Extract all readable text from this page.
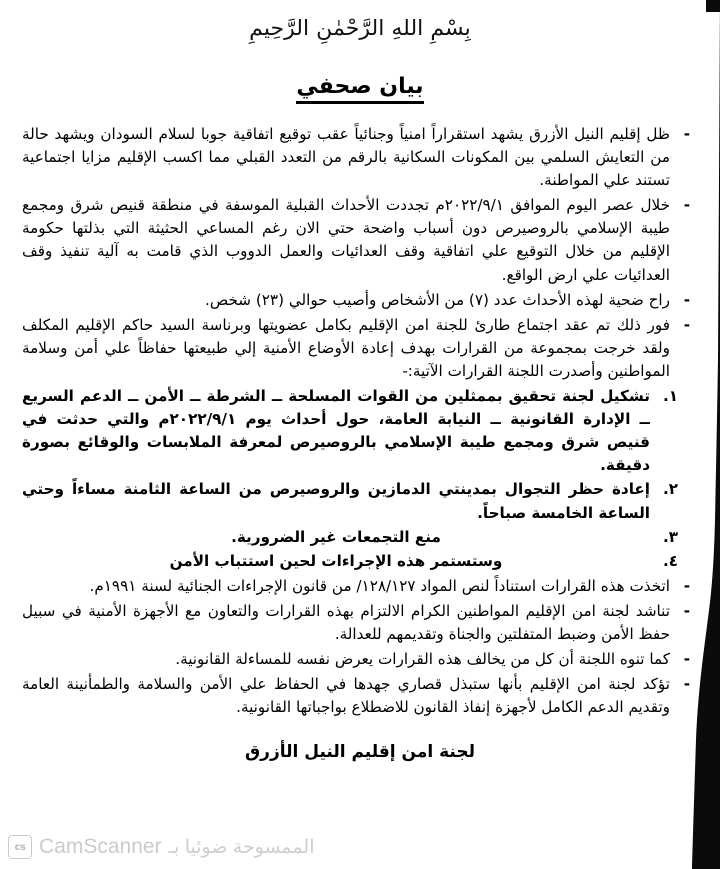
بِسْمِ اللهِ الرَّحْمٰنِ الرَّحِيمِ
بيان صحفي
- ظل إقليم النيل الأزرق يشهد استقراراً امنياً وجنائياً عقب توقيع اتفاقية جوبا لسلام السودان ويشهد حالة من التعايش السلمي بين المكونات السكانية بالرقم من التعدد القبلي مما اكسب الإقليم مزايا اجتماعية تستند علي المواطنة.
- خلال عصر اليوم الموافق ٢٠٢٢/٩/١م تجددت الأحداث القبلية الموسفة في منطقة قنيص شرق ومجمع طيبة الإسلامي بالروصيرص دون أسباب واضحة حتي الان رغم المساعي الحثيثة التي بذلتها حكومة الإقليم من خلال التوقيع علي اتفاقية وقف العدائيات والعمل الدووب الذي قامت به آلية تنفيذ وقف العدائيات علي ارض الواقع.
- راح ضحية لهذه الأحداث عدد (٧) من الأشخاص وأصيب حوالي (٢٣) شخص.
- فور ذلك تم عقد اجتماع طارئ للجنة امن الإقليم بكامل عضويتها وبرناسة السيد حاكم الإقليم المكلف ولقد خرجت بمجموعة من القرارات بهدف إعادة الأوضاع الأمنية إلي طبيعتها حفاظاً علي أمن وسلامة المواطنين وأصدرت اللجنة القرارات الآتية:-
١.
تشكيل لجنة تحقيق بممثلين من القوات المسلحة ــ الشرطة ــ الأمن ــ الدعم السريع ــ الإدارة القانونية ــ النيابة العامة، حول أحداث يوم ٢٠٢٢/٩/١م والتي حدثت في قنيص شرق ومجمع طيبة الإسلامي بالروصيرص لمعرفة الملابسات والوقائع بصورة دقيقة.
٢.
إعادة حظر التجوال بمدينتي الدمازين والروصيرص من الساعة الثامنة مساءاً وحتي الساعة الخامسة صباحاً.
٣.
منع التجمعات غير الضرورية.
٤.
وستستمر هذه الإجراءات لحين استتباب الأمن
- اتخذت هذه القرارات استناداً لنص المواد ١٢٨/١٢٧/ من قانون الإجراءات الجنائية لسنة ١٩٩١م.
- تناشد لجنة امن الإقليم المواطنين الكرام الالتزام بهذه القرارات والتعاون مع الأجهزة الأمنية في سبيل حفظ الأمن وضبط المتفلتين والجناة وتقديمهم للعدالة.
- كما تنوه اللجنة أن كل من يخالف هذه القرارات يعرض نفسه للمساءلة القانونية.
- تؤكد لجنة امن الإقليم بأنها ستبذل قصاري جهدها في الحفاظ علي الأمن والسلامة والطمأنينة العامة وتقديم الدعم الكامل لأجهزة إنفاذ القانون للاضطلاع بواجباتها القانونية.
لجنة امن إقليم النيل الأزرق
cs CamScanner الممسوحة ضوئيا بـ
